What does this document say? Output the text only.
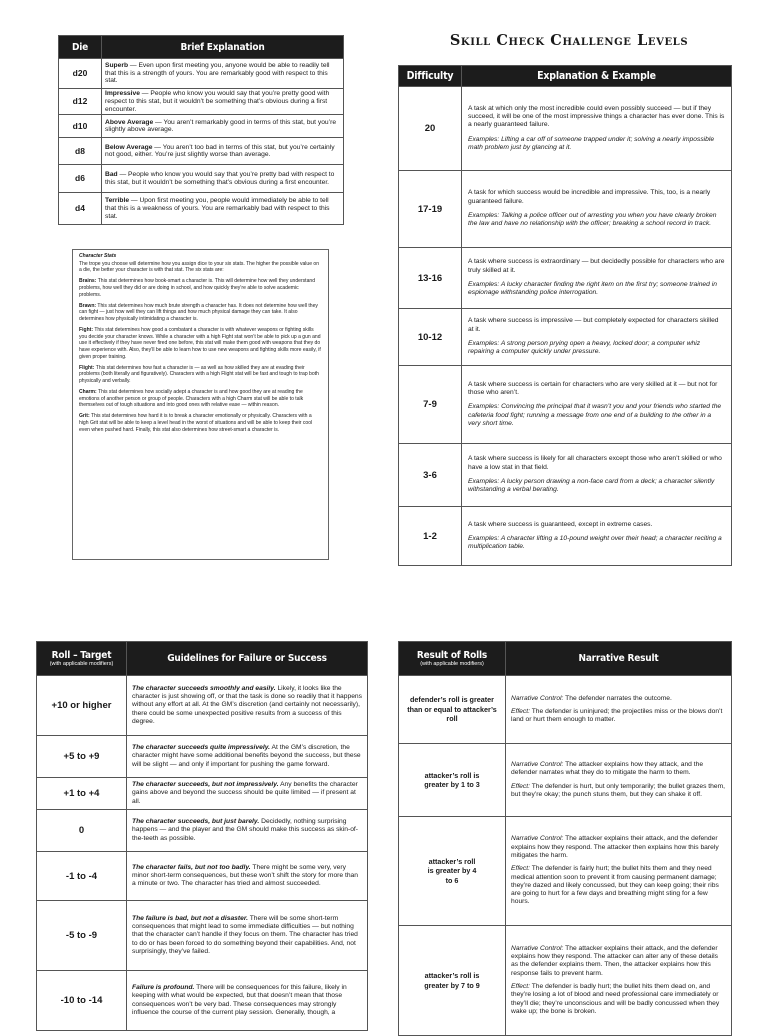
Die	Brief Explanation
d20	Superb — Even upon first meeting you, anyone would be able to readily tell that this is a strength of yours. You are remarkably good with respect to this stat.
d12	Impressive — People who know you would say that you’re pretty good with respect to this stat, but it wouldn’t be something that’s obvious during a first encounter.
d10	Above Average — You aren’t remarkably good in terms of this stat, but you’re slightly above average.
d8	Below Average — You aren’t too bad in terms of this stat, but you’re certainly not good, either. You’re just slightly worse than average.
d6	Bad — People who know you would say that you’re pretty bad with respect to this stat, but it wouldn’t be something that’s obvious during a first encounter.
d4	Terrible — Upon first meeting you, people would immediately be able to tell that this is a weakness of yours. You are remarkably bad with respect to this stat.

Character Stats

The trope you choose will determine how you assign dice to your six stats. The higher the possible value on a die, the better your character is with that stat. The six stats are:

Brains: This stat determines how book-smart a character is. This will determine how well they understand problems, how well they did or are doing in school, and how quickly they’re able to solve academic problems.

Brawn: This stat determines how much brute strength a character has. It does not determine how well they can fight — just how well they can lift things and how much physical damage they can take. It also determines how physically intimidating a character is.

Fight: This stat determines how good a combatant a character is with whatever weapons or fighting skills you decide your character knows. While a character with a high Fight stat won’t be able to pick up a gun and use it effectively if they have never fired one before, this stat will make them good with weapons that they do have experience with. Also, they’ll be able to learn how to use new weapons and fighting skills more easily, if given proper training.

Flight: This stat determines how fast a character is — as well as how skilled they are at evading their problems (both literally and figuratively). Characters with a high Flight stat will be fast and tough to trap both physically and verbally.

Charm: This stat determines how socially adept a character is and how good they are at reading the emotions of another person or group of people. Characters with a high Charm stat will be able to talk themselves out of tough situations and into good ones with relative ease — within reason.

Grit: This stat determines how hard it is to break a character emotionally or physically. Characters with a high Grit stat will be able to keep a level head in the worst of situations and will be able to keep their cool even when pushed hard. Finally, this stat also determines how street-smart a character is.

Skill Check Challenge Levels
Difficulty	Explanation & Example
20	A task at which only the most incredible could even possibly succeed — but if they succeed, it will be one of the most impressive things a character has ever done. This is a nearly guaranteed failure.

Examples: Lifting a car off of someone trapped under it; solving a nearly impossible math problem just by glancing at it.

17-19	A task for which success would be incredible and impressive. This, too, is a nearly guaranteed failure.

Examples: Talking a police officer out of arresting you when you have clearly broken the law and have no relationship with the officer; breaking a school record in track.

13-16	A task where success is extraordinary — but decidedly possible for characters who are truly skilled at it.

Examples: A lucky character finding the right item on the first try; someone trained in espionage withstanding police interrogation.

10-12	A task where success is impressive — but completely expected for characters skilled at it.

Examples: A strong person prying open a heavy, locked door; a computer whiz repairing a computer quickly under pressure.

7-9	A task where success is certain for characters who are very skilled at it — but not for those who aren’t.

Examples: Convincing the principal that it wasn’t you and your friends who started the cafeteria food fight; running a message from one end of a building to the other in a very short time.

3-6	A task where success is likely for all characters except those who aren’t skilled or who have a low stat in that field.

Examples: A lucky person drawing a non-face card from a deck; a character silently withstanding a verbal berating.

1-2	A task where success is guaranteed, except in extreme cases.

Examples: A character lifting a 10-pound weight over their head; a character reciting a multiplication table.

Roll – Target
(with applicable modifiers)	Guidelines for Failure or Success
+10 or higher	The character succeeds smoothly and easily. Likely, it looks like the character is just showing off, or that the task is done so readily that it happens without any effort at all. At the GM’s discretion (and certainly not necessarily), there could be some unexpected positive results from a success of this degree.
+5 to +9	The character succeeds quite impressively. At the GM’s discretion, the character might have some additional benefits beyond the success, but these will be slight — and only if important for pushing the game forward.
+1 to +4	The character succeeds, but not impressively. Any benefits the character gains above and beyond the success should be quite limited — if present at all.
0	The character succeeds, but just barely. Decidedly, nothing surprising happens — and the player and the GM should make this success as skin-of-the-teeth as possible.
-1 to -4	The character fails, but not too badly. There might be some very, very minor short-term consequences, but these won’t shift the story for more than a minute or two. The character has tried and almost succeeded.
-5 to -9	The failure is bad, but not a disaster. There will be some short-term consequences that might lead to some immediate difficulties — but nothing that the character can’t handle if they focus on them. The character has tried to do or has been forced to do something beyond their capabilities. And, not surprisingly, they’ve failed.
-10 to -14	Failure is profound. There will be consequences for this failure, likely in keeping with what would be expected, but that doesn’t mean that those consequences won’t be very bad. These consequences may strongly influence the course of the current play session. Generally, though, a
Result of Rolls
(with applicable modifiers)	Narrative Result
defender’s roll is greater than or equal to attacker’s roll	Narrative Control: The defender narrates the outcome.

Effect: The defender is uninjured; the projectiles miss or the blows don’t land or hurt them enough to matter.

attacker’s roll is greater by 1 to 3	Narrative Control: The attacker explains how they attack, and the defender narrates what they do to mitigate the harm to them.

Effect: The defender is hurt, but only temporarily; the bullet grazes them, but they’re okay; the punch stuns them, but they can shake it off.

attacker’s roll is greater by 4 to 6	Narrative Control: The attacker explains their attack, and the defender explains how they respond. The attacker then explains how this barely mitigates the harm.

Effect: The defender is fairly hurt; the bullet hits them and they need medical attention soon to prevent it from causing permanent damage; they’re dazed and likely concussed, but they can keep going; their ribs are going to hurt for a few days and breathing might sting for a few hours.

attacker’s roll is greater by 7 to 9	Narrative Control: The attacker explains their attack, and the defender explains how they respond. The attacker can alter any of these details as the defender explains them. Then, the attacker explains how this response fails to prevent harm.

Effect: The defender is badly hurt; the bullet hits them dead on, and they’re losing a lot of blood and need professional care immediately or they’ll die; they’re unconscious and will be badly concussed when they wake up; the bone is broken.
